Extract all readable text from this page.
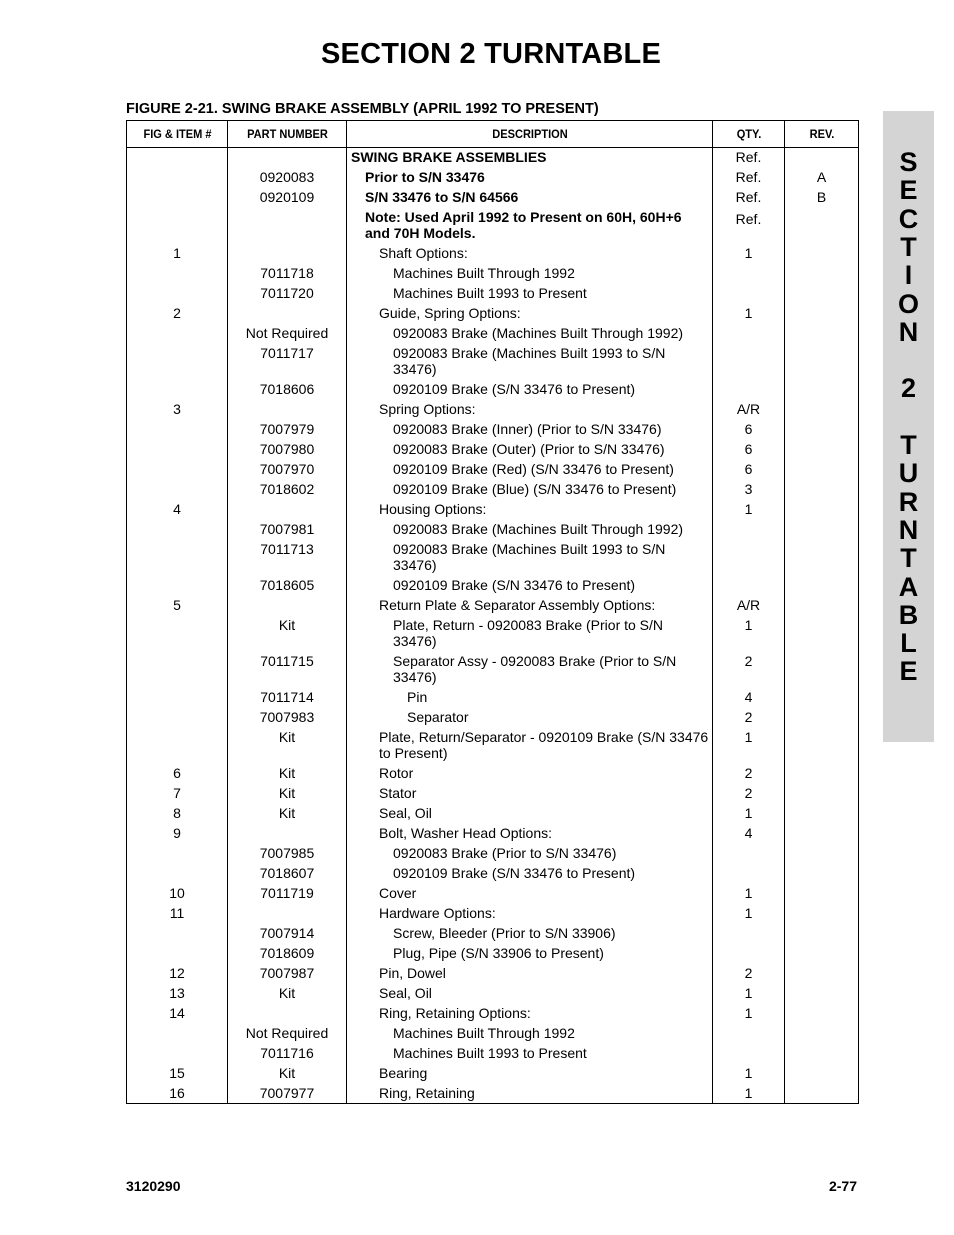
SECTION 2 TURNTABLE
FIGURE 2-21. SWING BRAKE ASSEMBLY (APRIL 1992 TO PRESENT)
S
E
C
T
I
O
N
2
T
U
R
N
T
A
B
L
E
FIG & ITEM #	PART NUMBER	DESCRIPTION	QTY.	REV.
		SWING BRAKE ASSEMBLIES	Ref.	
	0920083	Prior to S/N 33476	Ref.	A
	0920109	S/N 33476 to S/N 64566	Ref.	B
		Note: Used April 1992 to Present on 60H, 60H+6 and 70H Models.	Ref.	
1		Shaft Options:	1	
	7011718	Machines Built Through 1992		
	7011720	Machines Built 1993 to Present		
2		Guide, Spring Options:	1	
	Not Required	0920083 Brake (Machines Built Through 1992)		
	7011717	0920083 Brake (Machines Built 1993 to S/N 33476)		
	7018606	0920109 Brake (S/N 33476 to Present)		
3		Spring Options:	A/R	
	7007979	0920083 Brake (Inner) (Prior to S/N 33476)	6	
	7007980	0920083 Brake (Outer) (Prior to S/N 33476)	6	
	7007970	0920109 Brake (Red) (S/N 33476 to Present)	6	
	7018602	0920109 Brake (Blue) (S/N 33476 to Present)	3	
4		Housing Options:	1	
	7007981	0920083 Brake (Machines Built Through 1992)		
	7011713	0920083 Brake (Machines Built 1993 to S/N 33476)		
	7018605	0920109 Brake (S/N 33476 to Present)		
5		Return Plate & Separator Assembly Options:	A/R	
	Kit	Plate, Return - 0920083 Brake (Prior to S/N 33476)	1	
	7011715	Separator Assy - 0920083 Brake (Prior to S/N 33476)	2	
	7011714	Pin	4	
	7007983	Separator	2	
	Kit	Plate, Return/Separator - 0920109 Brake (S/N 33476 to Present)	1	
6	Kit	Rotor	2	
7	Kit	Stator	2	
8	Kit	Seal, Oil	1	
9		Bolt, Washer Head Options:	4	
	7007985	0920083 Brake (Prior to S/N 33476)		
	7018607	0920109 Brake (S/N 33476 to Present)		
10	7011719	Cover	1	
11		Hardware Options:	1	
	7007914	Screw, Bleeder (Prior to S/N 33906)		
	7018609	Plug, Pipe (S/N 33906 to Present)		
12	7007987	Pin, Dowel	2	
13	Kit	Seal, Oil	1	
14		Ring, Retaining Options:	1	
	Not Required	Machines Built Through 1992		
	7011716	Machines Built 1993 to Present		
15	Kit	Bearing	1	
16	7007977	Ring, Retaining	1	
3120290	2-77
